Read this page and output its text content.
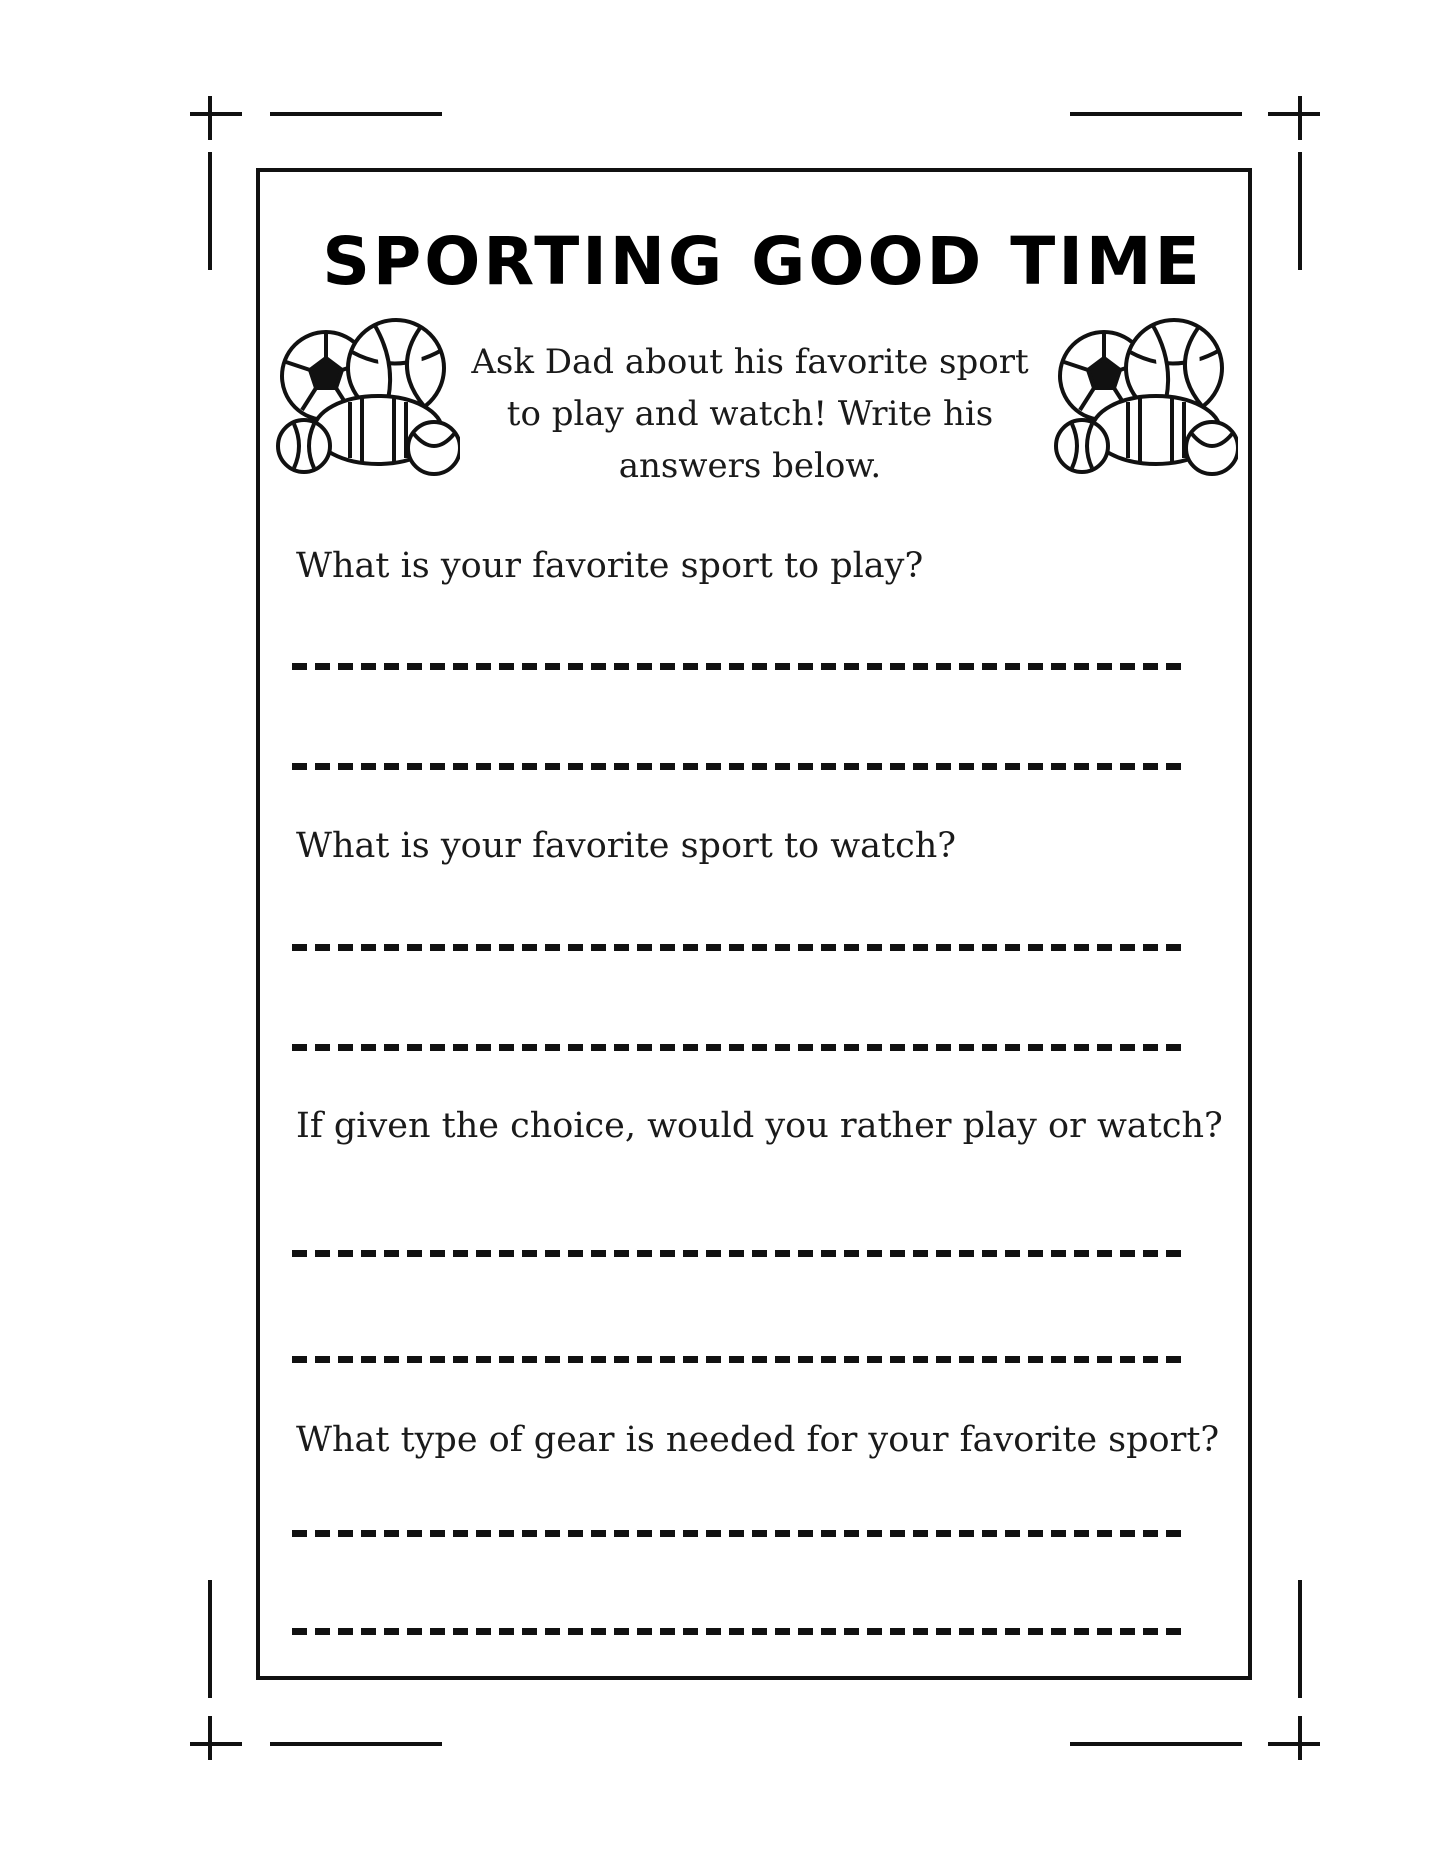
SPORTING GOOD TIME
Ask Dad about his favorite sport to play and watch! Write his answers below.
What is your favorite sport to play?
What is your favorite sport to watch?
If given the choice, would you rather play or watch?
What type of gear is needed for your favorite sport?
